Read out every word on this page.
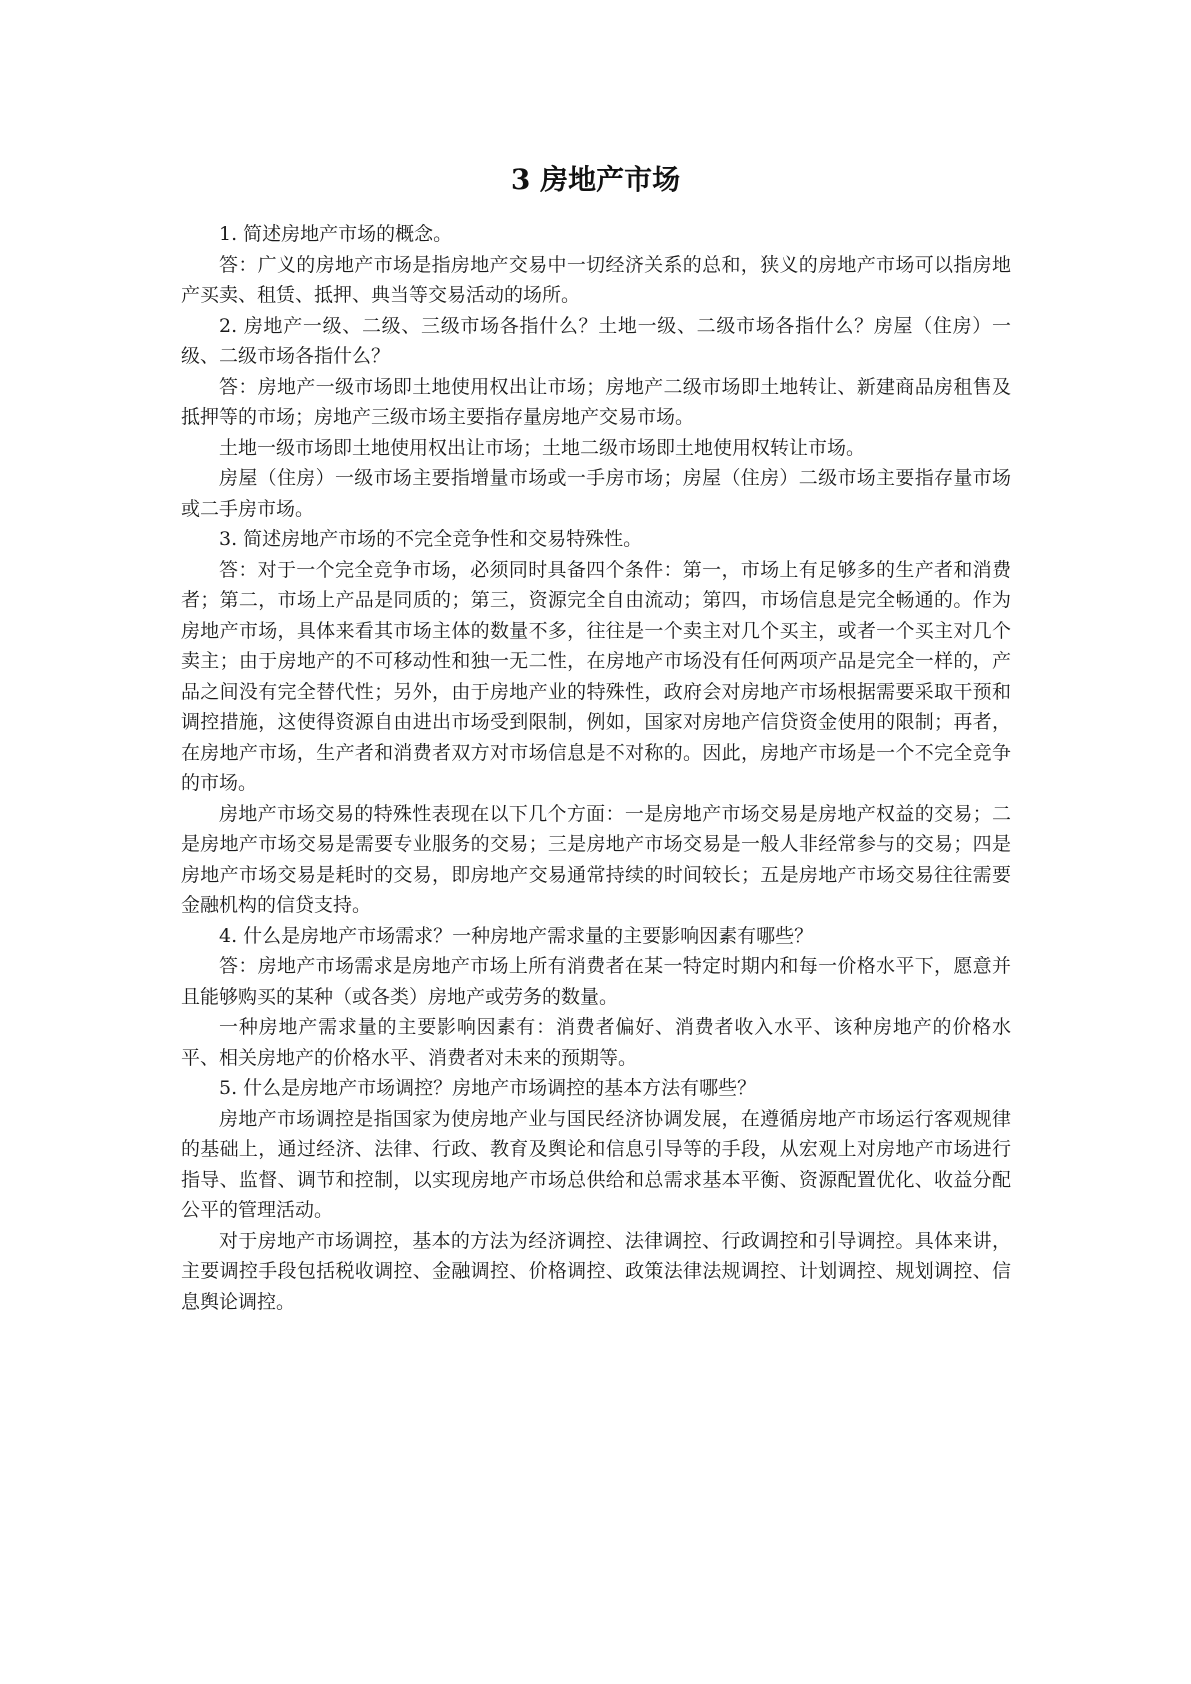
3 房地产市场

1. 简述房地产市场的概念。

答：广义的房地产市场是指房地产交易中一切经济关系的总和，狭义的房地产市场可以指房地产买卖、租赁、抵押、典当等交易活动的场所。

2. 房地产一级、二级、三级市场各指什么？土地一级、二级市场各指什么？房屋（住房）一级、二级市场各指什么？

答：房地产一级市场即土地使用权出让市场；房地产二级市场即土地转让、新建商品房租售及抵押等的市场；房地产三级市场主要指存量房地产交易市场。

土地一级市场即土地使用权出让市场；土地二级市场即土地使用权转让市场。

房屋（住房）一级市场主要指增量市场或一手房市场；房屋（住房）二级市场主要指存量市场或二手房市场。

3. 简述房地产市场的不完全竞争性和交易特殊性。

答：对于一个完全竞争市场，必须同时具备四个条件：第一，市场上有足够多的生产者和消费者；第二，市场上产品是同质的；第三，资源完全自由流动；第四，市场信息是完全畅通的。作为房地产市场，具体来看其市场主体的数量不多，往往是一个卖主对几个买主，或者一个买主对几个卖主；由于房地产的不可移动性和独一无二性，在房地产市场没有任何两项产品是完全一样的，产品之间没有完全替代性；另外，由于房地产业的特殊性，政府会对房地产市场根据需要采取干预和调控措施，这使得资源自由进出市场受到限制，例如，国家对房地产信贷资金使用的限制；再者，在房地产市场，生产者和消费者双方对市场信息是不对称的。因此，房地产市场是一个不完全竞争的市场。

房地产市场交易的特殊性表现在以下几个方面：一是房地产市场交易是房地产权益的交易；二是房地产市场交易是需要专业服务的交易；三是房地产市场交易是一般人非经常参与的交易；四是房地产市场交易是耗时的交易，即房地产交易通常持续的时间较长；五是房地产市场交易往往需要金融机构的信贷支持。

4. 什么是房地产市场需求？一种房地产需求量的主要影响因素有哪些？

答：房地产市场需求是房地产市场上所有消费者在某一特定时期内和每一价格水平下，愿意并且能够购买的某种（或各类）房地产或劳务的数量。

一种房地产需求量的主要影响因素有：消费者偏好、消费者收入水平、该种房地产的价格水平、相关房地产的价格水平、消费者对未来的预期等。

5. 什么是房地产市场调控？房地产市场调控的基本方法有哪些？

房地产市场调控是指国家为使房地产业与国民经济协调发展，在遵循房地产市场运行客观规律的基础上，通过经济、法律、行政、教育及舆论和信息引导等的手段，从宏观上对房地产市场进行指导、监督、调节和控制，以实现房地产市场总供给和总需求基本平衡、资源配置优化、收益分配公平的管理活动。

对于房地产市场调控，基本的方法为经济调控、法律调控、行政调控和引导调控。具体来讲，主要调控手段包括税收调控、金融调控、价格调控、政策法律法规调控、计划调控、规划调控、信息舆论调控。
